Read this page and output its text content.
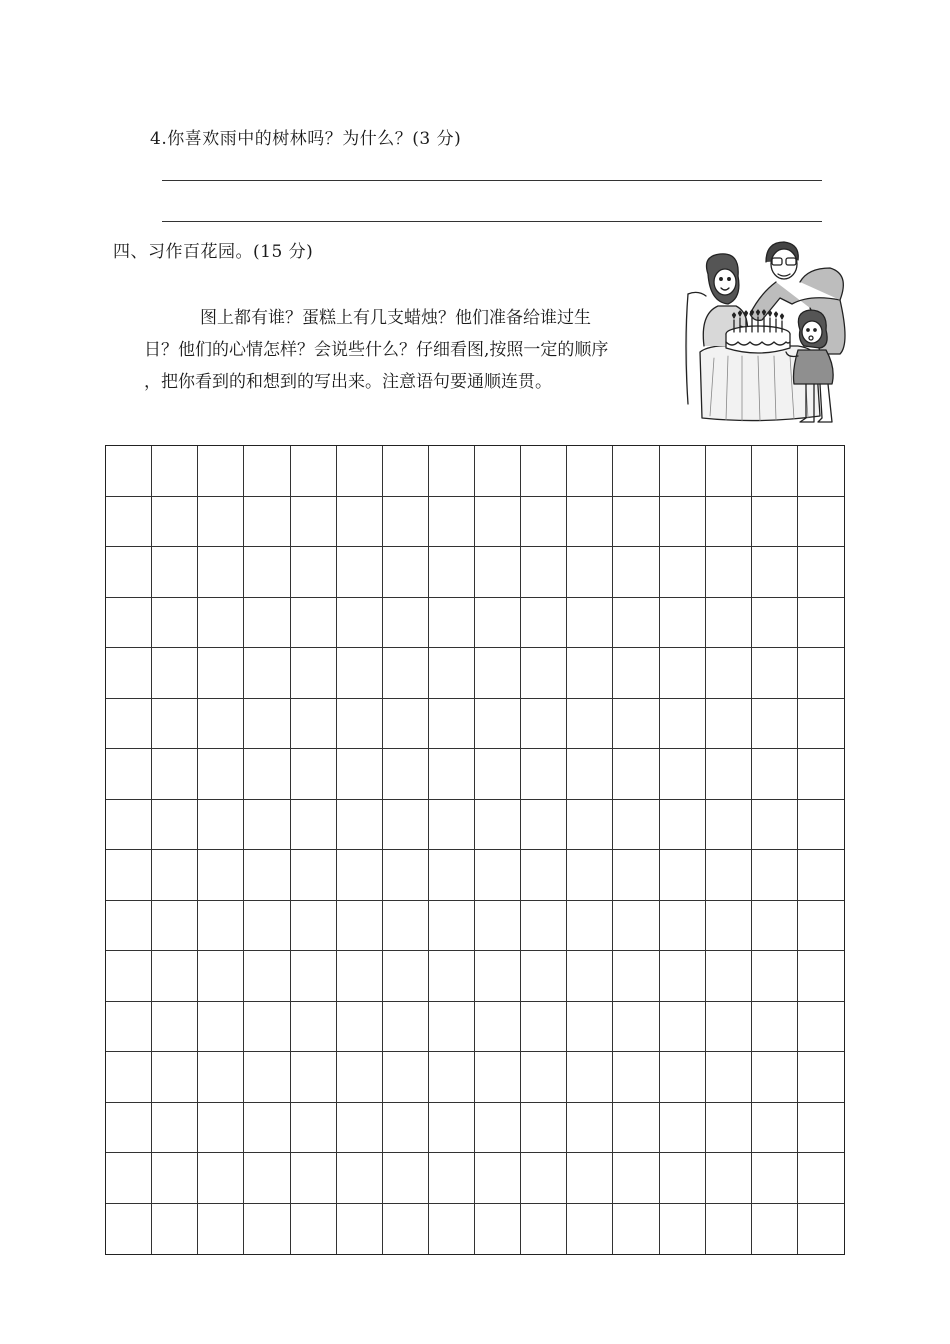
4.你喜欢雨中的树林吗？为什么？(3 分)
四、习作百花园。(15 分)
图上都有谁？蛋糕上有几支蜡烛？他们准备给谁过生
日？他们的心情怎样？会说些什么？仔细看图,按照一定的顺序
，把你看到的和想到的写出来。注意语句要通顺连贯。
